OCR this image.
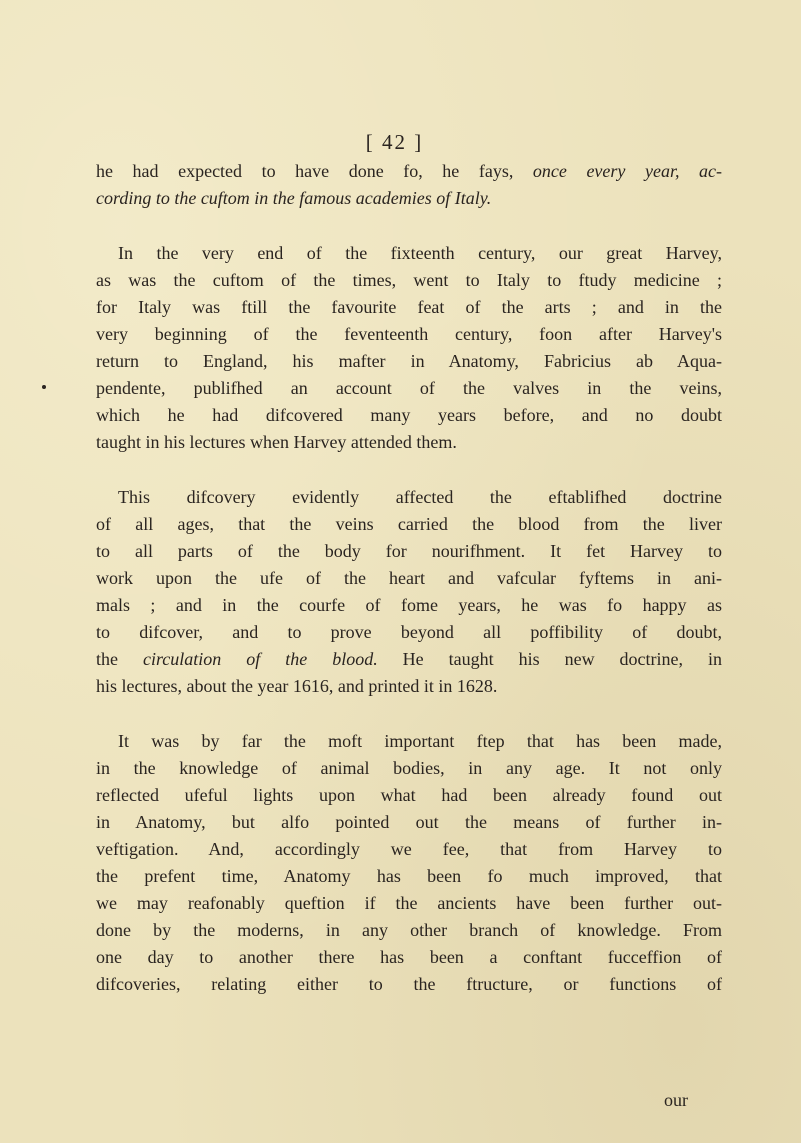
[ 42 ]
he had expected to have done fo, he fays, once every year, ac-
cording to the cuftom in the famous academies of Italy.
In the very end of the fixteenth century, our great Harvey,
as was the cuftom of the times, went to Italy to ftudy medicine ;
for Italy was ftill the favourite feat of the arts ; and in the
very beginning of the feventeenth century, foon after Harvey's
return to England, his mafter in Anatomy, Fabricius ab Aqua-
pendente, publifhed an account of the valves in the veins,
which he had difcovered many years before, and no doubt
taught in his lectures when Harvey attended them.
This difcovery evidently affected the eftablifhed doctrine
of all ages, that the veins carried the blood from the liver
to all parts of the body for nourifhment. It fet Harvey to
work upon the ufe of the heart and vafcular fyftems in ani-
mals ; and in the courfe of fome years, he was fo happy as
to difcover, and to prove beyond all poffibility of doubt,
the circulation of the blood. He taught his new doctrine, in
his lectures, about the year 1616, and printed it in 1628.
It was by far the moft important ftep that has been made,
in the knowledge of animal bodies, in any age. It not only
reflected ufeful lights upon what had been already found out
in Anatomy, but alfo pointed out the means of further in-
veftigation. And, accordingly we fee, that from Harvey to
the prefent time, Anatomy has been fo much improved, that
we may reafonably queftion if the ancients have been further out-
done by the moderns, in any other branch of knowledge. From
one day to another there has been a conftant fucceffion of
difcoveries, relating either to the ftructure, or functions of
our
